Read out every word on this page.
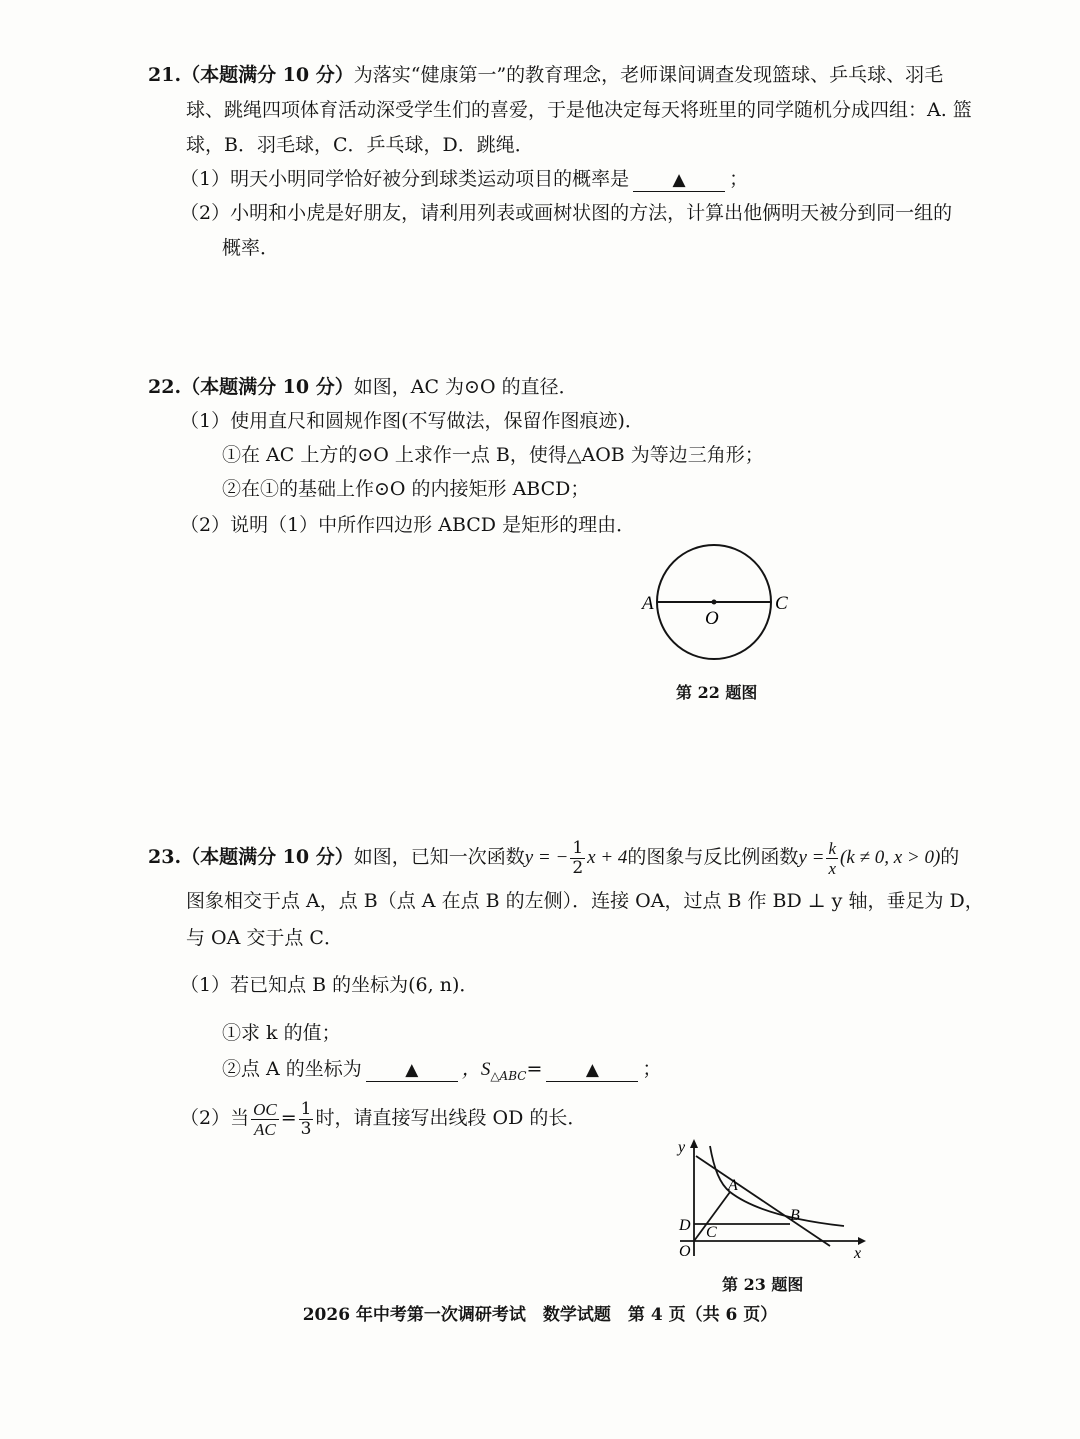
21.（本题满分 10 分）为落实“健康第一”的教育理念，老师课间调查发现篮球、乒乓球、羽毛
球、跳绳四项体育活动深受学生们的喜爱，于是他决定每天将班里的同学随机分成四组：A. 篮
球，B．羽毛球，C．乒乓球，D．跳绳．
（1）明天小明同学恰好被分到球类运动项目的概率是	▲ ；
（2）小明和小虎是好朋友，请利用列表或画树状图的方法，计算出他俩明天被分到同一组的
概率．
22.（本题满分 10 分）如图，AC 为⊙O 的直径．
（1）使用直尺和圆规作图(不写做法，保留作图痕迹)．
①在 AC 上方的⊙O 上求作一点 B，使得△AOB 为等边三角形；
②在①的基础上作⊙O 的内接矩形 ABCD；
（2）说明（1）中所作四边形 ABCD 是矩形的理由．
A	C
O
第 22 题图
23.（本题满分 10 分）如图，已知一次函数y = − $\frac{1}{2}$ x + 4的图象与反比例函数$y = \frac{k}{x} (k \ne 0$, x > 0)的
图象相交于点 A，点 B（点 A 在点 B 的左侧）．连接 OA，过点 B 作 BD ⊥ y 轴，垂足为 D，
与 OA 交于点 C．
（1）若已知点 B 的坐标为(6, n)．
①求 k 的值；
②点 A 的坐标为	▲ ，$S_{\triangle ABC}=$	▲ ；
（2）当 $\frac{OC}{AC} = \frac{1}{3}$ 时，请直接写出线段 OD 的长．
y
x
O
A
B
C
D
第 23 题图
2026 年中考第一次调研考试　数学试题　第 4 页（共 6 页）
